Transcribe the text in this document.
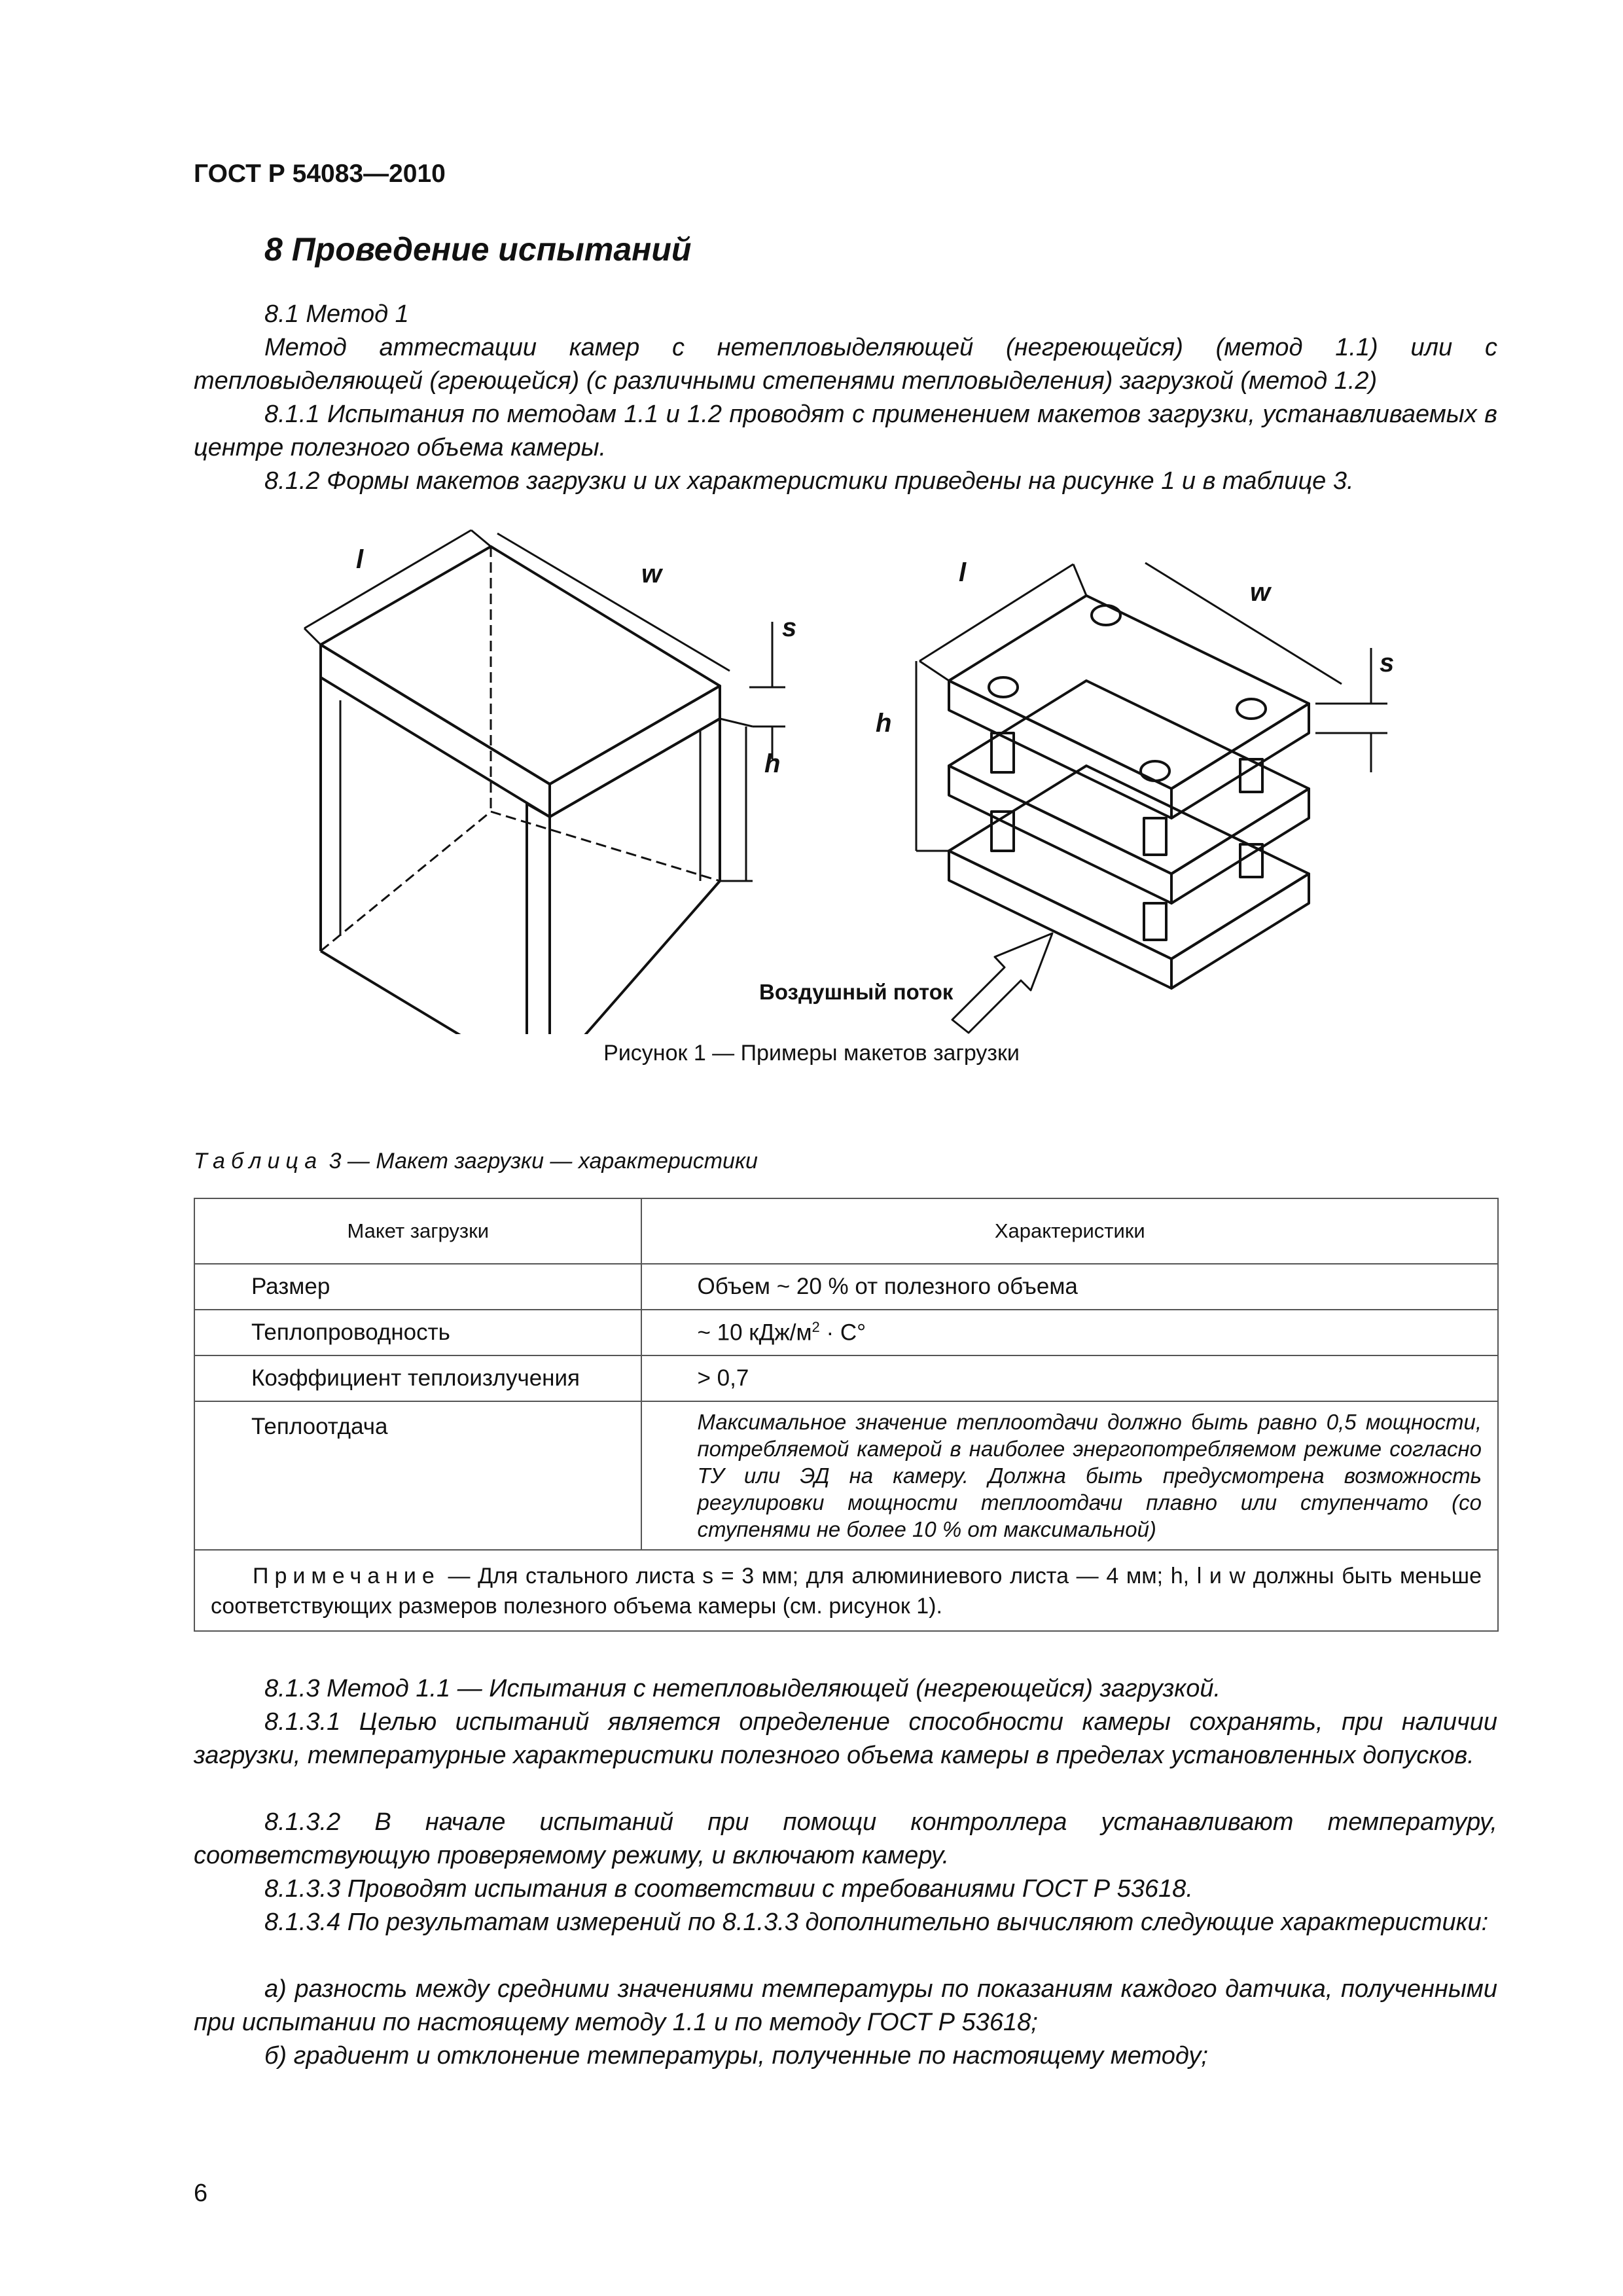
ГОСТ Р 54083—2010
8 Проведение испытаний

8.1 Метод 1

Метод аттестации камер с нетепловыделяющей (негреющейся) (метод 1.1) или с тепловыделяющей (греющейся) (с различными степенями тепловыделения) загрузкой (метод 1.2)

8.1.1 Испытания по методам 1.1 и 1.2 проводят с применением макетов загрузки, устанавливаемых в центре полезного объема камеры.

8.1.2 Формы макетов загрузки и их характеристики приведены на рисунке 1 и в таблице 3.

l	w
s
h
l
w
s
h
Воздушный поток
Рисунок 1 — Примеры макетов загрузки
Таблица 3 — Макет загрузки — характеристики
Макет загрузки	Характеристики
Размер	Объем ~ 20 % от полезного объема
Теплопроводность	~ 10 кДж/$м^2 \cdot C^\circ$
Коэффициент теплоизлучения	> 0,7
Теплоотдача	Максимальное значение теплоотдачи должно быть равно 0,5 мощности, потребляемой камерой в наиболее энергопотребляемом режиме согласно ТУ или ЭД на камеру. Должна быть предусмотрена возможность регулировки мощности теплоотдачи плавно или ступенчато (со ступенями не более 10 % от максимальной)
Примечание — Для стального листа s = 3 мм; для алюминиевого листа — 4 мм; h, l и w должны быть меньше соответствующих размеров полезного объема камеры (см. рисунок 1).	

8.1.3 Метод 1.1 — Испытания с нетепловыделяющей (негреющейся) загрузкой.

8.1.3.1 Целью испытаний является определение способности камеры сохранять, при наличии загрузки, температурные характеристики полезного объема камеры в пределах установленных допусков.

8.1.3.2 В начале испытаний при помощи контроллера устанавливают температуру, соответствующую проверяемому режиму, и включают камеру.

8.1.3.3 Проводят испытания в соответствии с требованиями ГОСТ Р 53618.

8.1.3.4 По результатам измерений по 8.1.3.3 дополнительно вычисляют следующие характеристики:

а) разность между средними значениями температуры по показаниям каждого датчика, полученными при испытании по настоящему методу 1.1 и по методу ГОСТ Р 53618;

б) градиент и отклонение температуры, полученные по настоящему методу;

6
